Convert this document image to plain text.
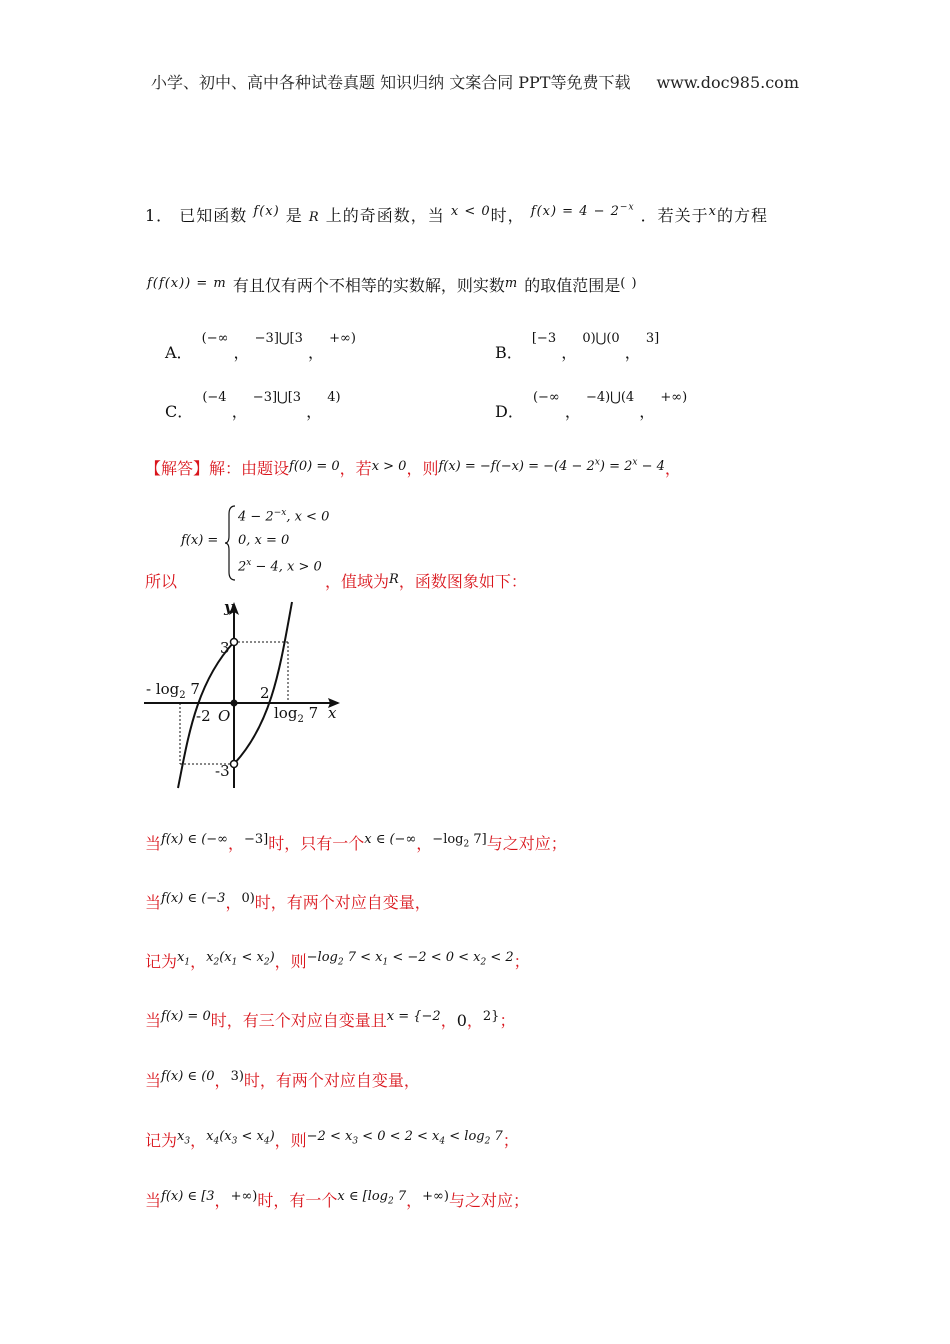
小学、初中、高中各种试卷真题 知识归纳 文案合同 PPT等免费下载 www.doc985.com
1． 已知函数 $^{f(x)}$ 是 R 上的奇函数，当 $^{x < 0}$时， $^{f(x) = 4 - 2^{-x}}$ ．若关于$^x$的方程
$^{f(f(x)) = m}$ 有且仅有两个不相等的实数解，则实数$^m$ 的取值范围是( )
A． (−∞ ， −3]⋃[3 ， +∞)
B． [−3 ， 0)⋃(0 ， 3]
C． (−4 ， −3]⋃[3 ， 4)
D． (−∞ ， −4)⋃(4 ， +∞)
【解答】解：由题设$^{f(0) = 0}$，若$^{x > 0}$，则$^{f(x) = -f(-x) = -(4 - 2^x) = 2^x - 4}$，
f(x) =
$4 - 2^{-x}$, x < 0
0, x = 0
$2^x - 4$, x > 0
所以	，值域为$^R$，函数图象如下：
y
x
O
3
-3
2
-2
- $\log_2 7$
$\log_2 7$
当$^{f(x) \in (-\infty}$，$^{-3]}$时，只有一个$^{x \in (-\infty}$，$^{-log_2 7]}$与之对应；
当$^{f(x) \in (-3}$，$^{0)}$时，有两个对应自变量，
记为$^{x_1}$，$^{x_2(x_1 < x_2)}$，则$^{-log_2 7 < x_1 < -2 < 0 < x_2 < 2}$；
当$^{f(x) = 0}$时，有三个对应自变量且$^{x = \{-2}$，0，$^{2\}}$；
当$^{f(x) \in (0}$，$^{3)}$时，有两个对应自变量，
记为$^{x_3}$，$^{x_4(x_3 < x_4)}$，则$^{-2 < x_3 < 0 < 2 < x_4 < log_2 7}$；
当$^{f(x) \in [3}$，+∞)时，有一个$^{x \in [log_2 7}$，+∞)与之对应；
